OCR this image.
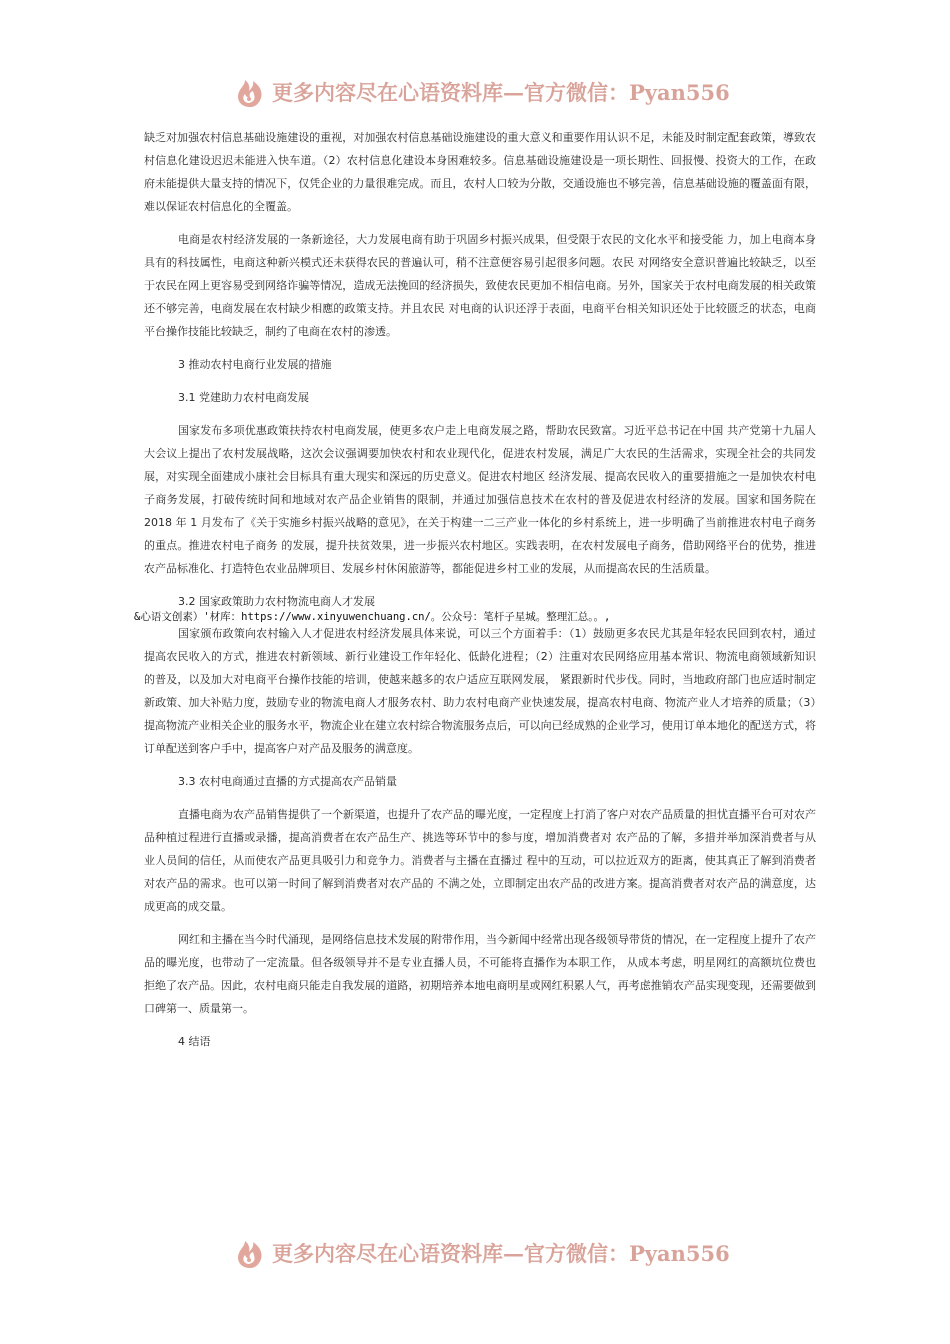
更多内容尽在心语资料库—官方微信：Pyan556

缺乏对加强农村信息基础设施建设的重视，对加强农村信息基础设施建设的重大意义和重要作用认识不足，未能及时制定配套政策，導致农村信息化建设迟迟未能进入快车道。（2）农村信息化建设本身困难较多。信息基础设施建设是一项长期性、回报慢、投资大的工作，在政府未能提供大量支持的情况下，仅凭企业的力量很难完成。而且，农村人口较为分散，交通设施也不够完善，信息基础设施的覆盖面有限，难以保证农村信息化的全覆盖。

电商是农村经济发展的一条新途径，大力发展电商有助于巩固乡村振兴成果，但受限于农民的文化水平和接受能 力，加上电商本身具有的科技属性，电商这种新兴模式还未获得农民的普遍认可，稍不注意便容易引起很多问题。农民 对网络安全意识普遍比较缺乏，以至于农民在网上更容易受到网络诈骗等情况，造成无法挽回的经济损失，致使农民更加不相信电商。另外，国家关于农村电商发展的相关政策还不够完善，电商发展在农村缺少相應的政策支持。并且农民 对电商的认识还浮于表面，电商平台相关知识还处于比较匮乏的状态，电商平台操作技能比较缺乏，制约了电商在农村的渗透。

3 推动农村电商行业发展的措施
3.1 党建助力农村电商发展

国家发布多项优惠政策扶持农村电商发展，使更多农户走上电商发展之路，帮助农民致富。习近平总书记在中国 共产党第十九届人大会议上提出了农村发展战略，这次会议强调要加快农村和农业现代化，促进农村发展，满足广大农民的生活需求，实现全社会的共同发展，对实现全面建成小康社会目标具有重大现实和深远的历史意义。促进农村地区 经济发展、提高农民收入的重要措施之一是加快农村电子商务发展，打破传统时间和地域对农产品企业销售的限制，并通过加强信息技术在农村的普及促进农村经济的发展。国家和国务院在 2018 年 1 月发布了《关于实施乡村振兴战略的意见》，在关于构建一二三产业一体化的乡村系统上，进一步明确了当前推进农村电子商务的重点。推进农村电子商务 的发展，提升扶贫效果，进一步振兴农村地区。实践表明，在农村发展电子商务，借助网络平台的优势，推进农产品标准化、打造特色农业品牌项目、发展乡村休闲旅游等，都能促进乡村工业的发展，从而提高农民的生活质量。

3.2 国家政策助力农村物流电商人才发展
&心语文创素）'材库：https://www.xinyuwenchuang.cn/。公众号：笔杆子星城。整理汇总。。,

国家颁布政策向农村输入人才促进农村经济发展具体来说，可以三个方面着手：（1）鼓励更多农民尤其是年轻农民回到农村，通过提高农民收入的方式，推进农村新领域、新行业建设工作年轻化、低龄化进程；（2）注重对农民网络应用基本常识、物流电商领域新知识的普及，以及加大对电商平台操作技能的培训，使越来越多的农户适应互联网发展， 紧跟新时代步伐。同时，当地政府部门也应适时制定新政策、加大补贴力度，鼓励专业的物流电商人才服务农村、助力农村电商产业快速发展，提高农村电商、物流产业人才培养的质量；（3）提高物流产业相关企业的服务水平，物流企业在建立农村综合物流服务点后，可以向已经成熟的企业学习，使用订单本地化的配送方式，将订单配送到客户手中，提高客户对产品及服务的满意度。

3.3 农村电商通过直播的方式提高农产品销量

直播电商为农产品销售提供了一个新渠道，也提升了农产品的曝光度，一定程度上打消了客户对农产品质量的担忧直播平台可对农产品种植过程进行直播或录播，提高消费者在农产品生产、挑选等环节中的参与度，增加消费者对 农产品的了解，多措并举加深消费者与从业人员间的信任，从而使农产品更具吸引力和竞争力。消费者与主播在直播过 程中的互动，可以拉近双方的距离，使其真正了解到消费者对农产品的需求。也可以第一时间了解到消费者对农产品的 不满之处，立即制定出农产品的改进方案。提高消费者对农产品的满意度，达成更高的成交量。

网红和主播在当今时代涌现，是网络信息技术发展的附带作用，当今新闻中经常出现各级领导带货的情况，在一定程度上提升了农产品的曝光度，也带动了一定流量。但各级领导并不是专业直播人员，不可能将直播作为本职工作， 从成本考虑，明星网红的高额坑位费也拒绝了农产品。因此，农村电商只能走自我发展的道路，初期培养本地电商明星或网红积累人气，再考虑推销农产品实现变现，还需要做到口碑第一、质量第一。

4 结语
更多内容尽在心语资料库—官方微信：Pyan556
